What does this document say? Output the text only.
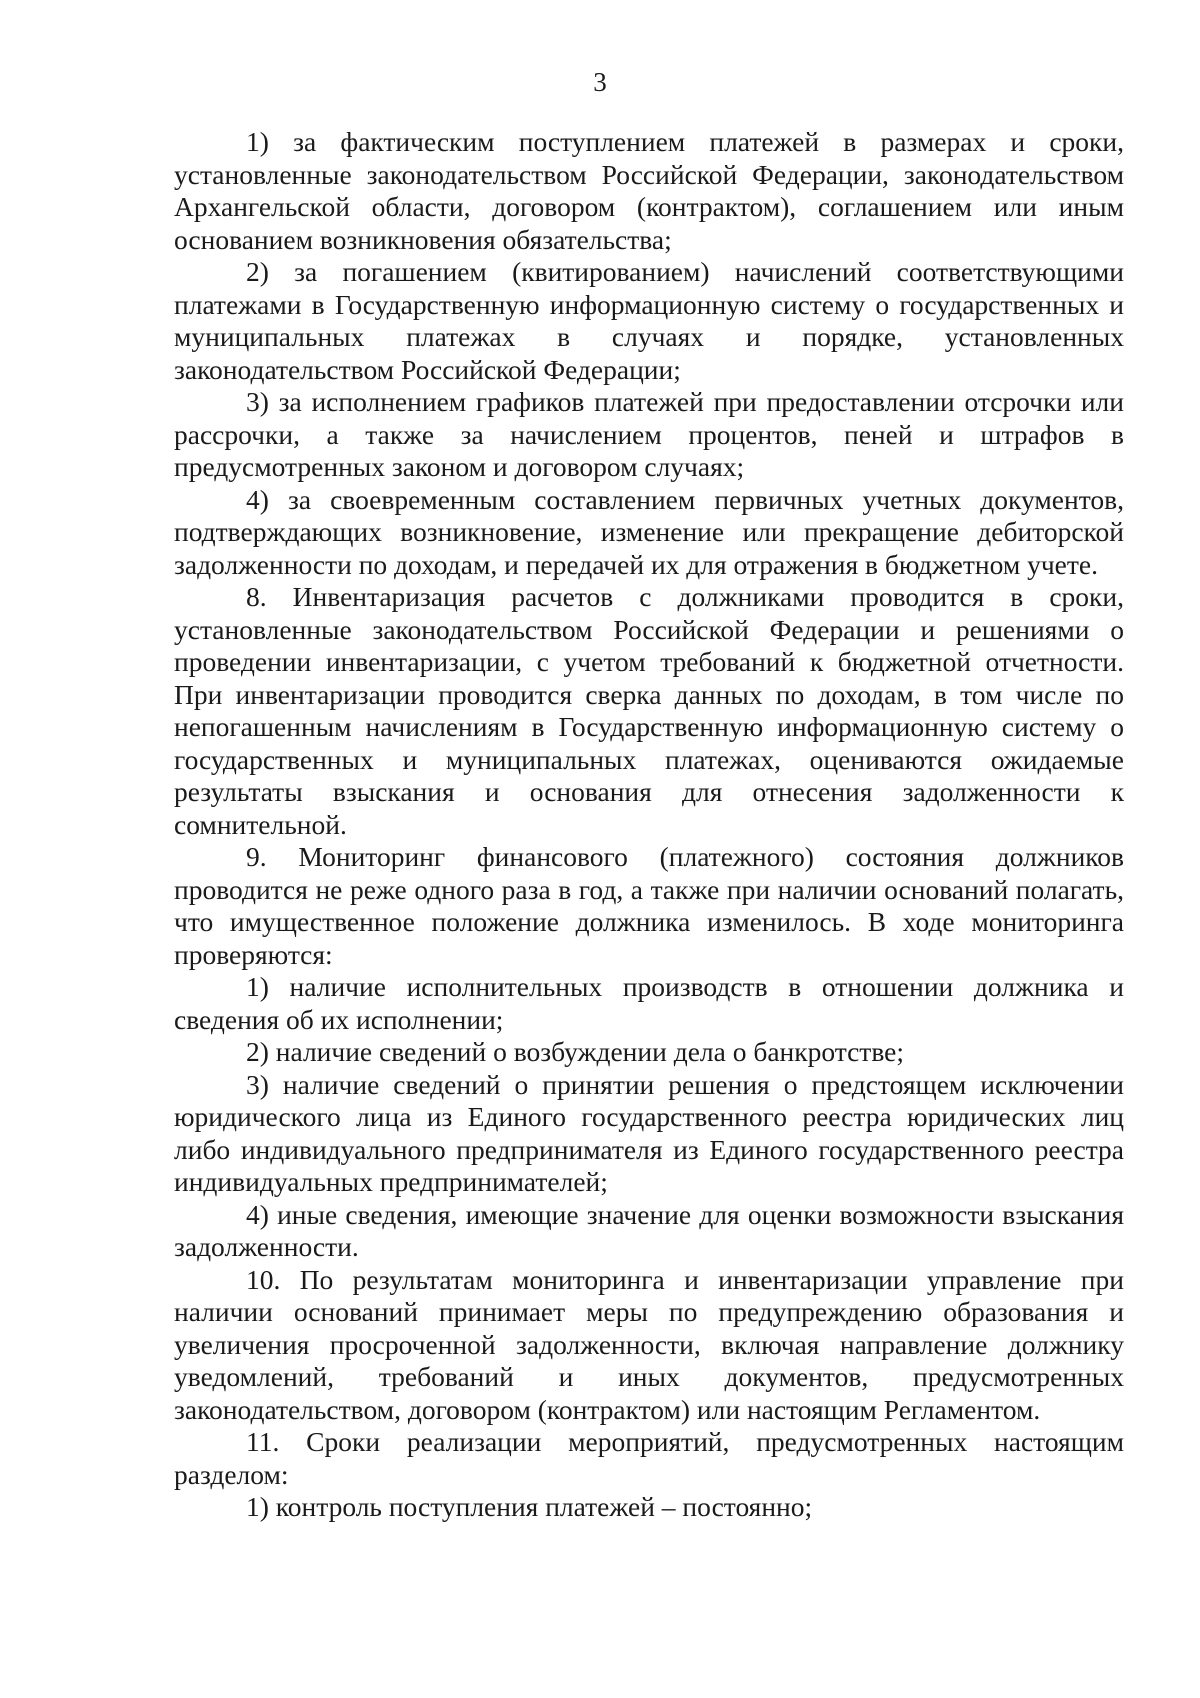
3

1) за фактическим поступлением платежей в размерах и сроки, установленные законодательством Российской Федерации, законодательством Архангельской области, договором (контрактом), соглашением или иным основанием возникновения обязательства;

2) за погашением (квитированием) начислений соответствующими платежами в Государственную информационную систему о государственных и муниципальных платежах в случаях и порядке, установленных законодательством Российской Федерации;

3) за исполнением графиков платежей при предоставлении отсрочки или рассрочки, а также за начислением процентов, пеней и штрафов в предусмотренных законом и договором случаях;

4) за своевременным составлением первичных учетных документов, подтверждающих возникновение, изменение или прекращение дебиторской задолженности по доходам, и передачей их для отражения в бюджетном учете.

8. Инвентаризация расчетов с должниками проводится в сроки, установленные законодательством Российской Федерации и решениями о проведении инвентаризации, с учетом требований к бюджетной отчетности. При инвентаризации проводится сверка данных по доходам, в том числе по непогашенным начислениям в Государственную информационную систему о государственных и муниципальных платежах, оцениваются ожидаемые результаты взыскания и основания для отнесения задолженности к сомнительной.

9. Мониторинг финансового (платежного) состояния должников проводится не реже одного раза в год, а также при наличии оснований полагать, что имущественное положение должника изменилось. В ходе мониторинга проверяются:

1) наличие исполнительных производств в отношении должника и сведения об их исполнении;

2) наличие сведений о возбуждении дела о банкротстве;

3) наличие сведений о принятии решения о предстоящем исключении юридического лица из Единого государственного реестра юридических лиц либо индивидуального предпринимателя из Единого государственного реестра индивидуальных предпринимателей;

4) иные сведения, имеющие значение для оценки возможности взыскания задолженности.

10. По результатам мониторинга и инвентаризации управление при наличии оснований принимает меры по предупреждению образования и увеличения просроченной задолженности, включая направление должнику уведомлений, требований и иных документов, предусмотренных законодательством, договором (контрактом) или настоящим Регламентом.

11. Сроки реализации мероприятий, предусмотренных настоящим разделом:

1) контроль поступления платежей – постоянно;
